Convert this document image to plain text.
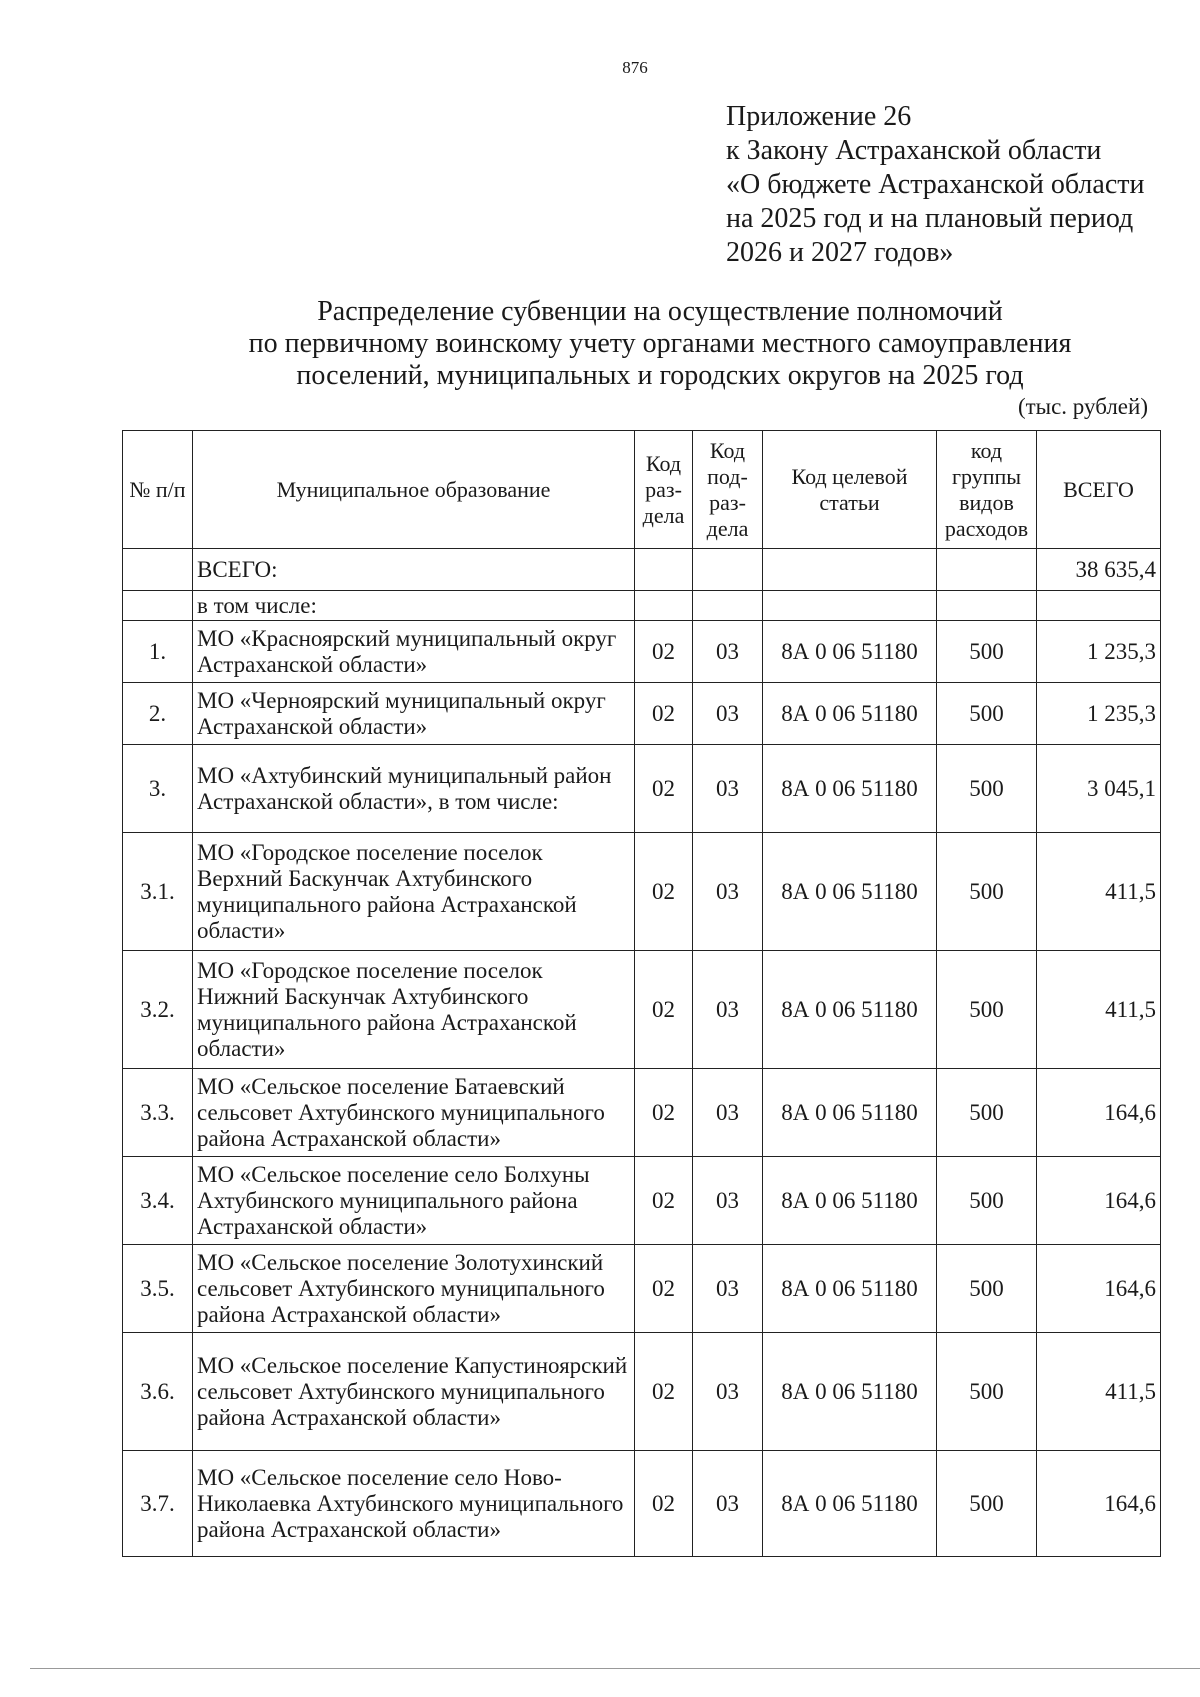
876
Приложение 26
к Закону Астраханской области
«О бюджете Астраханской области
на 2025 год и на плановый период
2026 и 2027 годов»
Распределение субвенции на осуществление полномочий
по первичному воинскому учету органами местного самоуправления
поселений, муниципальных и городских округов на 2025 год
(тыс. рублей)
№ п/п	Муниципальное образование	Код раз-дела	Код под-раз-дела	Код целевой статьи	код группы видов расходов	ВСЕГО
	ВСЕГО:					38 635,4
	в том числе:					
1.	МО «Красноярский муниципальный округ Астраханской области»	02	03	8А 0 06 51180	500	1 235,3
2.	МО «Черноярский муниципальный округ Астраханской области»	02	03	8А 0 06 51180	500	1 235,3
3.	МО «Ахтубинский муниципальный район Астраханской области», в том числе:	02	03	8А 0 06 51180	500	3 045,1
3.1.	МО «Городское поселение поселок Верхний Баскунчак Ахтубинского муниципального района Астраханской области»	02	03	8А 0 06 51180	500	411,5
3.2.	МО «Городское поселение поселок Нижний Баскунчак Ахтубинского муниципального района Астраханской области»	02	03	8А 0 06 51180	500	411,5
3.3.	МО «Сельское поселение Батаевский сельсовет Ахтубинского муниципального района Астраханской области»	02	03	8А 0 06 51180	500	164,6
3.4.	МО «Сельское поселение село Болхуны Ахтубинского муниципального района Астраханской области»	02	03	8А 0 06 51180	500	164,6
3.5.	МО «Сельское поселение Золотухинский сельсовет Ахтубинского муниципального района Астраханской области»	02	03	8А 0 06 51180	500	164,6
3.6.	МО «Сельское поселение Капустиноярский сельсовет Ахтубинского муниципального района Астраханской области»	02	03	8А 0 06 51180	500	411,5
3.7.	МО «Сельское поселение село Ново-Николаевка Ахтубинского муниципального района Астраханской области»	02	03	8А 0 06 51180	500	164,6
